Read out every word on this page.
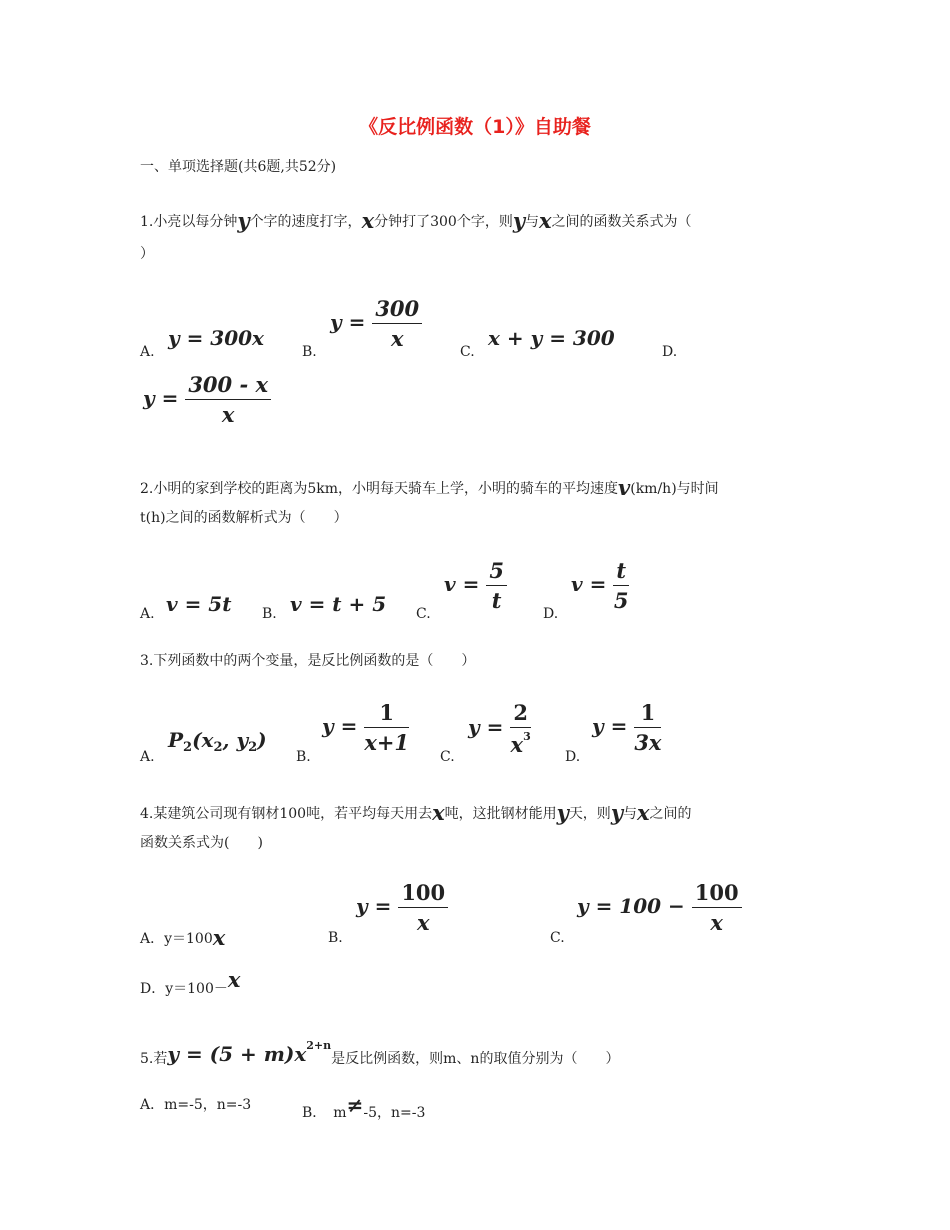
《反比例函数（1）》自助餐
一、单项选择题(共6题,共52分)
1.小亮以每分钟y个字的速度打字，x分钟打了300个字，则y与x之间的函数关系式为（
）
A.
y = 300x
B.
$y = \frac{300}{x}$
C.
x + y = 300
D.
$y = \frac{300 - x}{x}$
2.小明的家到学校的距离为5km，小明每天骑车上学，小明的骑车的平均速度v(km/h)与时间
t(h)之间的函数解析式为（　　）
A. v = 5t B. v = t + 5 C.
$v = \frac{5}{t}$
D.
$v = \frac{t}{5}$
3.下列函数中的两个变量，是反比例函数的是（　　）
A.
$P_2(x_2$, $y_2$)
B.
$y = \frac{1}{x+1}$
C.
$y = \frac{2}{x^3} D$.
$y = \frac{1}{3x}$
4.某建筑公司现有钢材100吨，若平均每天用去x吨，这批钢材能用y天，则y与x之间的
函数关系式为(　　)
A．y＝100x	B.
$y = \frac{100}{x}$
C.
$y = 100 - \frac{100}{x}$
D．y＝100－x
5.若$y = (5 + m)x^{2+n}$是反比例函数，则m、n的取值分别为（　　）
A．m=-5，n=-3	B．　m≠-5，n=-3
